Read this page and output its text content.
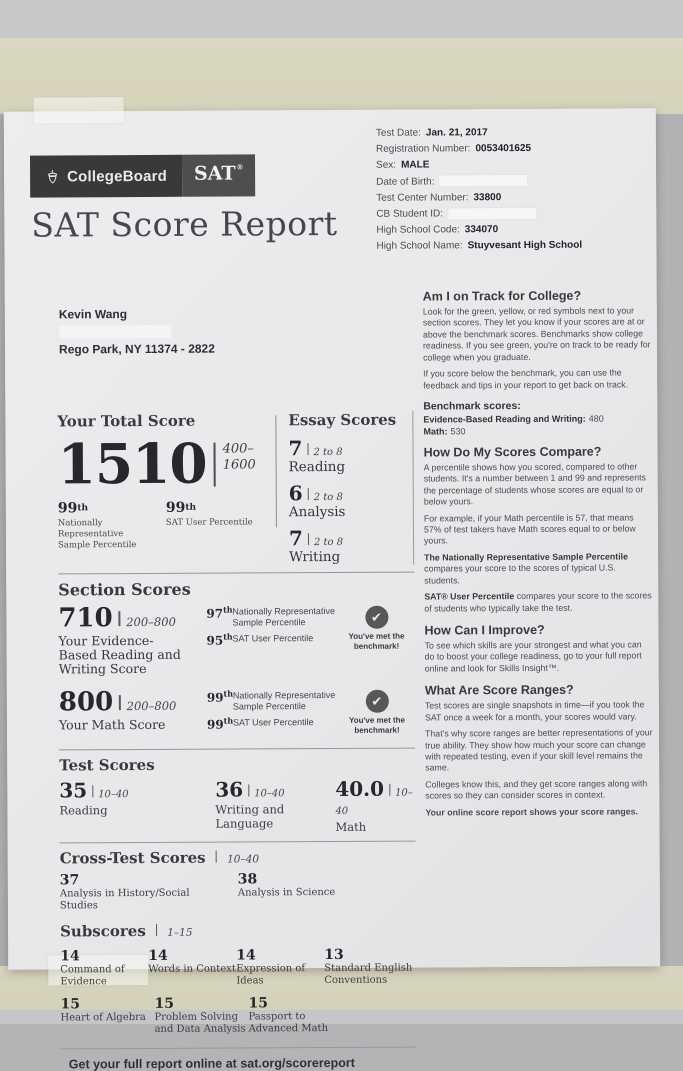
CollegeBoard SAT®
Test Date: Jan. 21, 2017
Registration Number: 0053401625
Sex: MALE
Date of Birth:
Test Center Number: 33800
CB Student ID:
High School Code: 334070
High School Name: Stuyvesant High School
SAT Score Report
Kevin Wang
Rego Park, NY 11374 - 2822
Your Total Score
1510 400– 1600
99th
Nationally Representative Sample Percentile
99th
SAT User Percentile
Essay Scores
7 2 to 8
Reading
6 2 to 8
Analysis
7 2 to 8
Writing
Section Scores
710 200–800
Your Evidence-Based Reading and Writing Score
97th Nationally Representative Sample Percentile
95th SAT User Percentile
✔
You've met the benchmark!
800 200–800
Your Math Score
99th Nationally Representative Sample Percentile
99th SAT User Percentile
✔
You've met the benchmark!
Test Scores
35 10–40
Reading
36 10–40
Writing and Language
40.0 10–40
Math
Cross-Test Scores 10–40
37
Analysis in History/Social Studies
38
Analysis in Science
Subscores 1–15
14
Command of Evidence
14
Words in Context
14
Expression of Ideas
13
Standard English Conventions
15
Heart of Algebra
15
Problem Solving and Data Analysis
15
Passport to Advanced Math
Get your full report online at sat.org/scorereport
Am I on Track for College?

Look for the green, yellow, or red symbols next to your section scores. They let you know if your scores are at or above the benchmark scores. Benchmarks show college readiness. If you see green, you're on track to be ready for college when you graduate.

If you score below the benchmark, you can use the feedback and tips in your report to get back on track.

Benchmark scores:
Evidence-Based Reading and Writing: 480
Math: 530
How Do My Scores Compare?

A percentile shows how you scored, compared to other students. It's a number between 1 and 99 and represents the percentage of students whose scores are equal to or below yours.

For example, if your Math percentile is 57, that means 57% of test takers have Math scores equal to or below yours.

The Nationally Representative Sample Percentile compares your score to the scores of typical U.S. students.

SAT® User Percentile compares your score to the scores of students who typically take the test.

How Can I Improve?

To see which skills are your strongest and what you can do to boost your college readiness, go to your full report online and look for Skills Insight™.

What Are Score Ranges?

Test scores are single snapshots in time—if you took the SAT once a week for a month, your scores would vary.

That's why score ranges are better representations of your true ability. They show how much your score can change with repeated testing, even if your skill level remains the same.

Colleges know this, and they get score ranges along with scores so they can consider scores in context.

Your online score report shows your score ranges.
